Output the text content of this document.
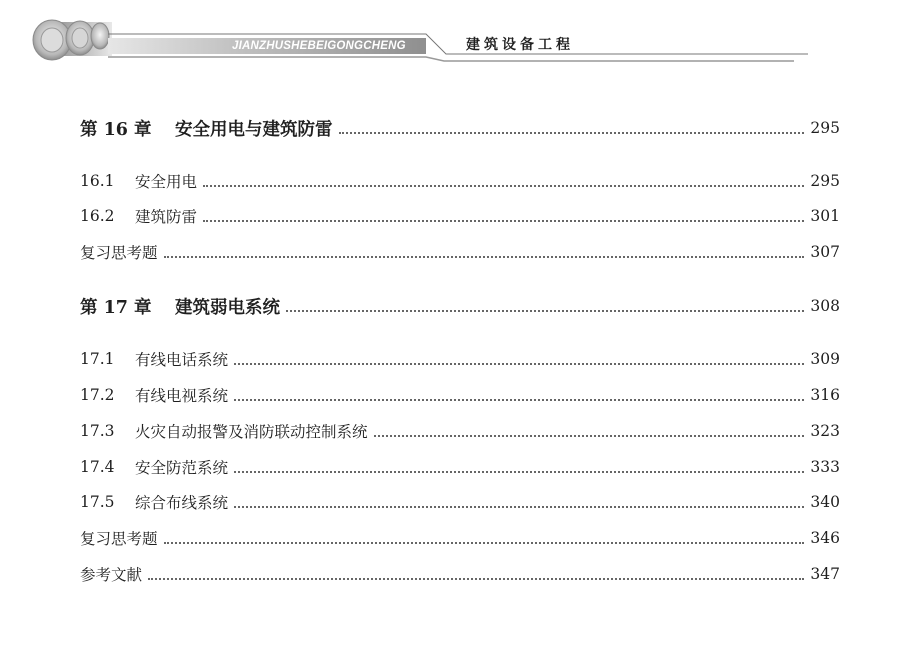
JIANZHUSHEBEIGONGCHENG	建筑设备工程
第 16 章	安全用电与建筑防雷	295
16.1	安全用电	295
16.2	建筑防雷	301
复习思考题	307
第 17 章	建筑弱电系统	308
17.1	有线电话系统	309
17.2	有线电视系统	316
17.3	火灾自动报警及消防联动控制系统	323
17.4	安全防范系统	333
17.5	综合布线系统	340
复习思考题	346
参考文献	347
